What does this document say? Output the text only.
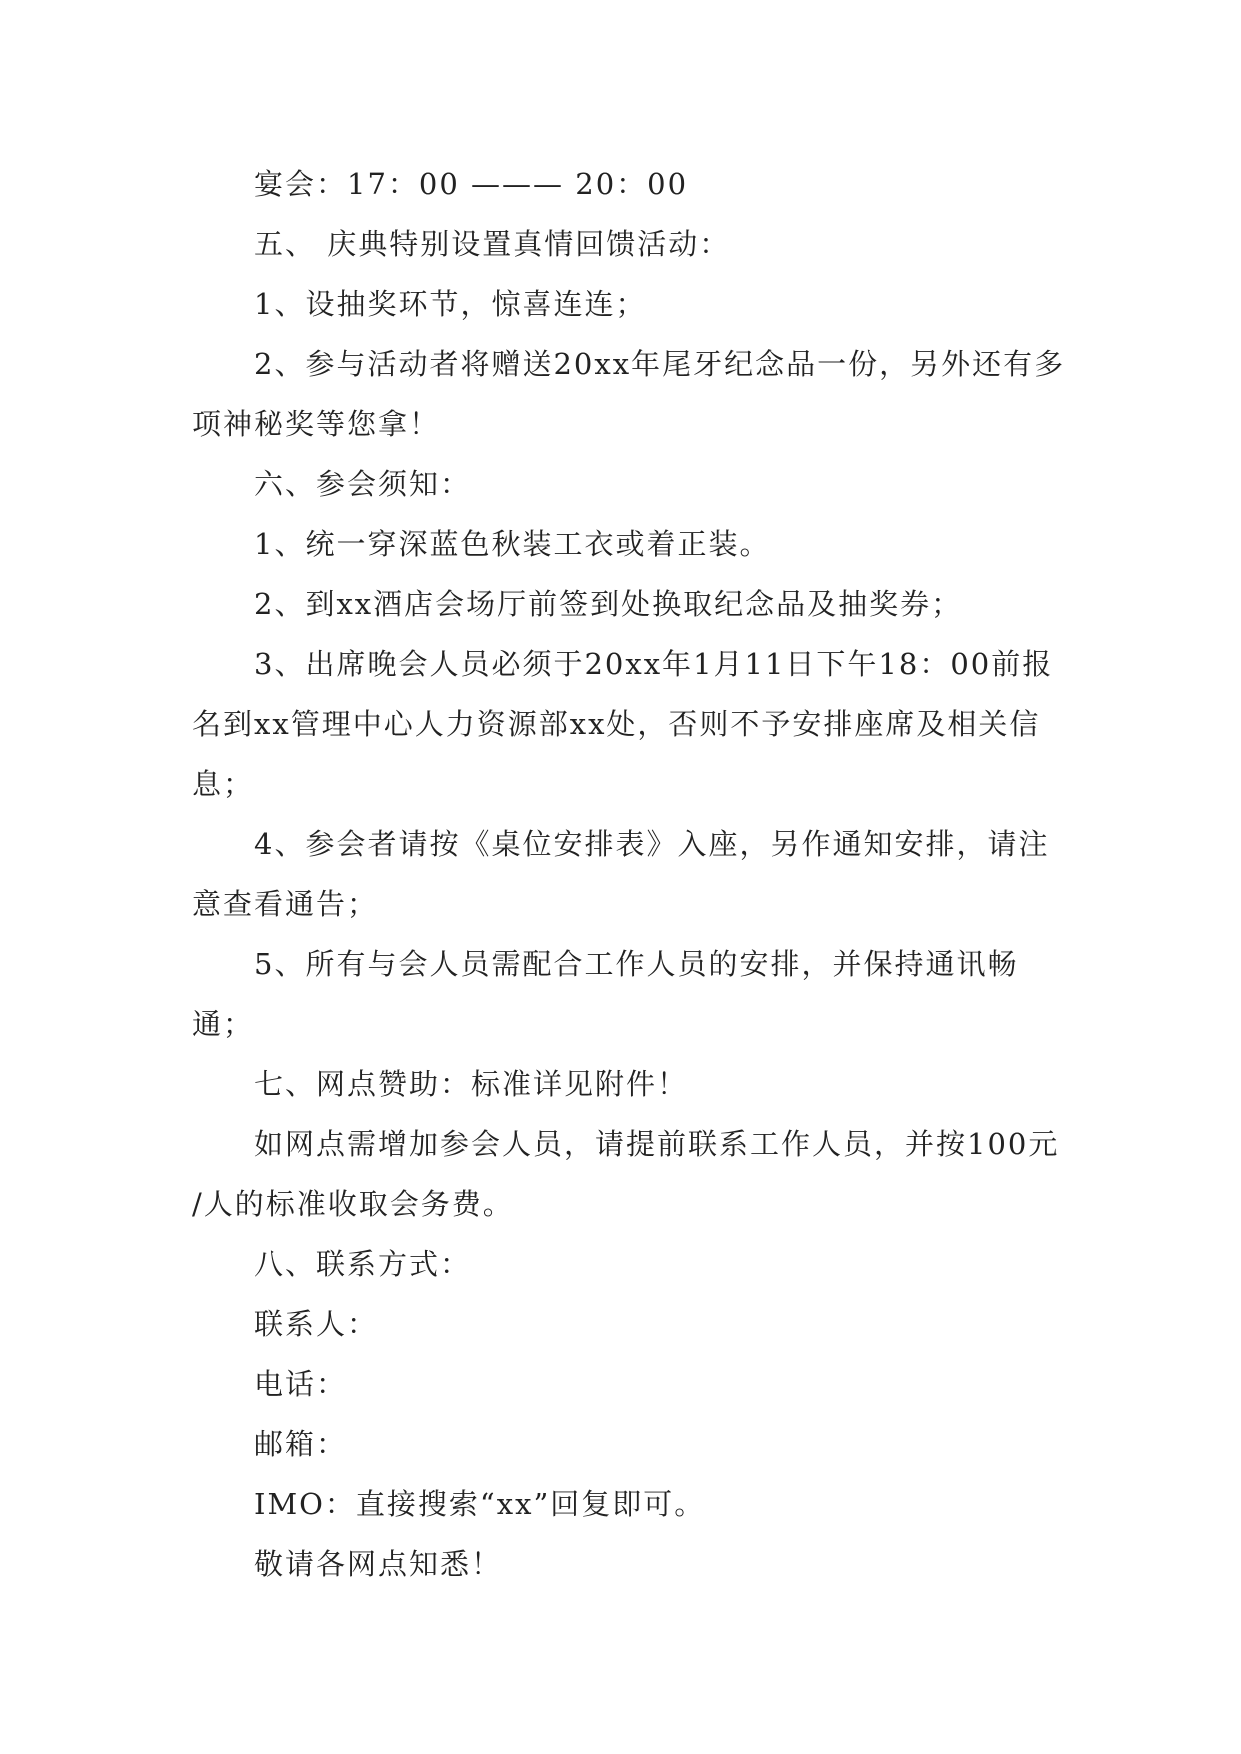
宴会：17：00 ——— 20：00

五、 庆典特别设置真情回馈活动：

1、设抽奖环节，惊喜连连；

2、参与活动者将赠送20xx年尾牙纪念品一份，另外还有多项神秘奖等您拿！

六、参会须知：

1、统一穿深蓝色秋装工衣或着正装。

2、到xx酒店会场厅前签到处换取纪念品及抽奖券；

3、出席晚会人员必须于20xx年1月11日下午18：00前报名到xx管理中心人力资源部xx处，否则不予安排座席及相关信息；

4、参会者请按《桌位安排表》入座，另作通知安排，请注意查看通告；

5、所有与会人员需配合工作人员的安排，并保持通讯畅通；

七、网点赞助：标准详见附件！

如网点需增加参会人员，请提前联系工作人员，并按100元 /人的标准收取会务费。

八、联系方式：

联系人：

电话：

邮箱：

IMO：直接搜索“xx”回复即可。

敬请各网点知悉！
